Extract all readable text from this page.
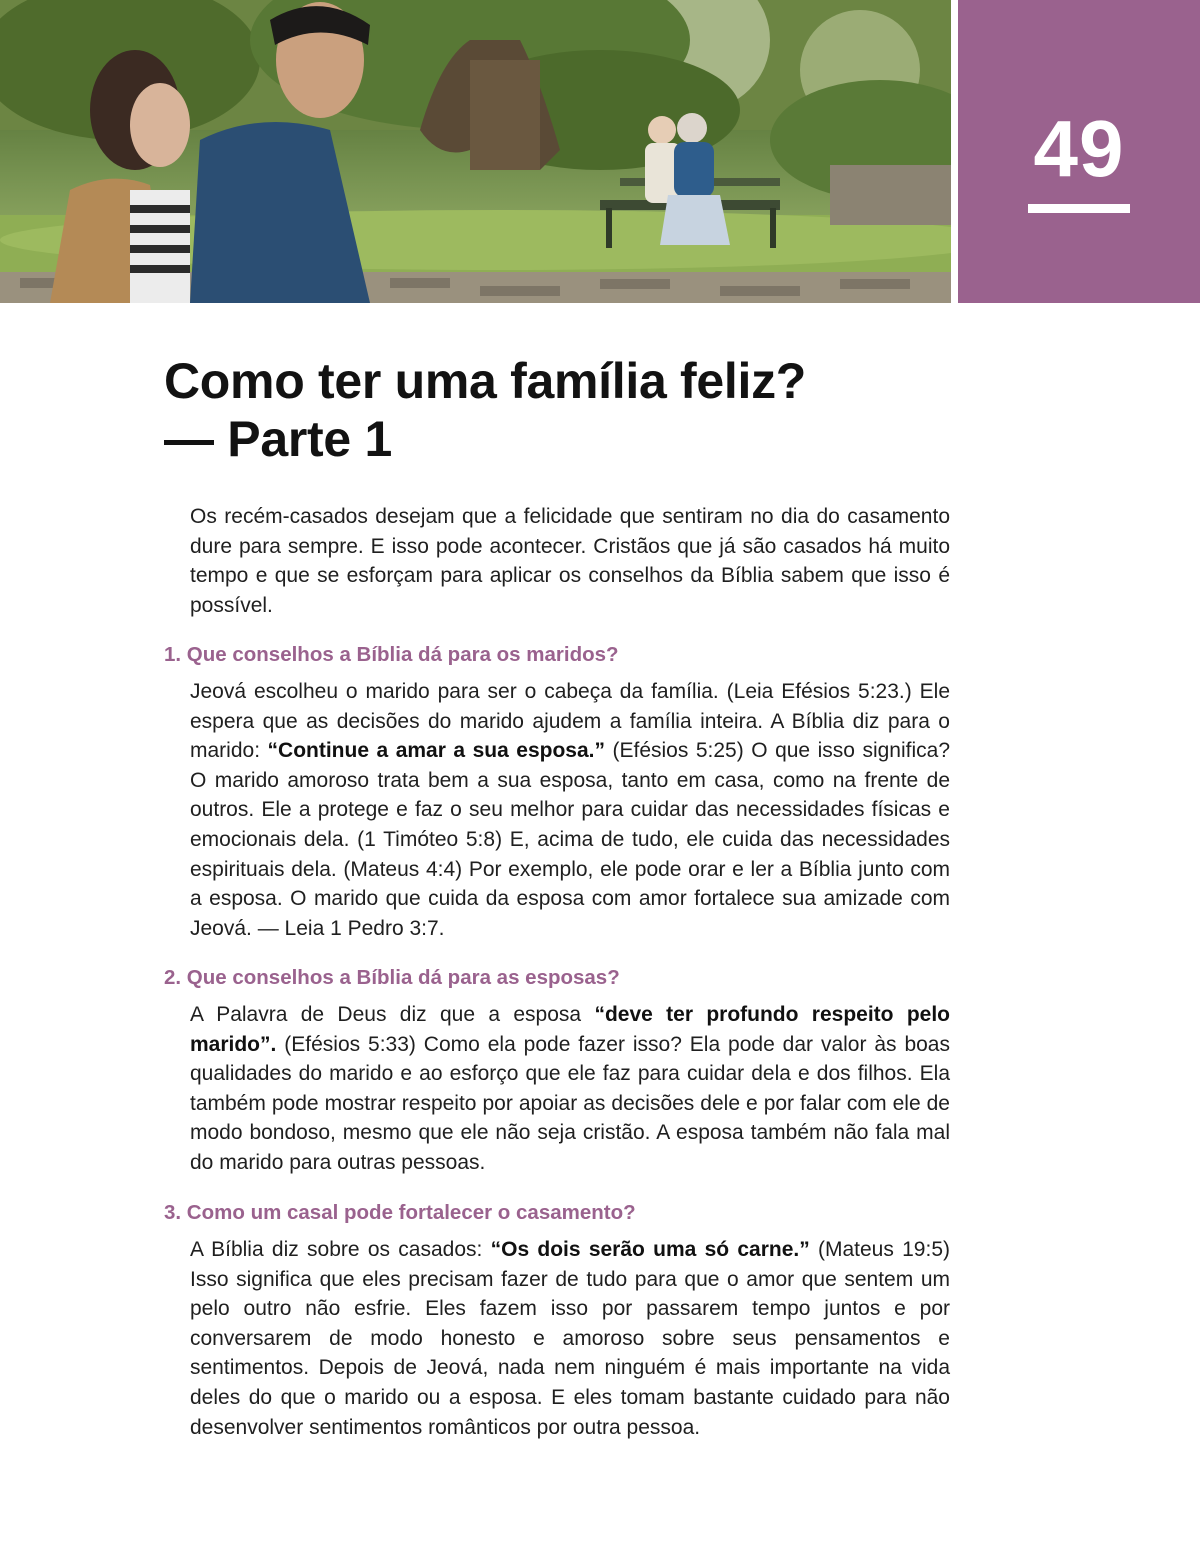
49
Como ter uma família feliz?
— Parte 1

Os recém-casados desejam que a felicidade que sentiram no dia do casamento dure para sempre. E isso pode acontecer. Cristãos que já são casados há muito tempo e que se esforçam para aplicar os conselhos da Bíblia sabem que isso é possível.

1. Que conselhos a Bíblia dá para os maridos?

Jeová escolheu o marido para ser o cabeça da família. (Leia Efésios 5:23.) Ele espera que as decisões do marido ajudem a família inteira. A Bíblia diz para o marido: “Continue a amar a sua esposa.” (Efésios 5:25) O que isso significa? O marido amoroso trata bem a sua esposa, tanto em casa, como na frente de outros. Ele a protege e faz o seu melhor para cuidar das necessidades físicas e emocionais dela. (1 Timóteo 5:8) E, acima de tudo, ele cuida das necessidades espirituais dela. (Mateus 4:4) Por exemplo, ele pode orar e ler a Bíblia junto com a esposa. O marido que cuida da esposa com amor fortalece sua amizade com Jeová. — Leia 1 Pedro 3:7.

2. Que conselhos a Bíblia dá para as esposas?

A Palavra de Deus diz que a esposa “deve ter profundo respeito pelo marido”. (Efésios 5:33) Como ela pode fazer isso? Ela pode dar valor às boas qualidades do marido e ao esforço que ele faz para cuidar dela e dos filhos. Ela também pode mostrar respeito por apoiar as decisões dele e por falar com ele de modo bondoso, mesmo que ele não seja cristão. A esposa também não fala mal do marido para outras pessoas.

3. Como um casal pode fortalecer o casamento?

A Bíblia diz sobre os casados: “Os dois serão uma só carne.” (Mateus 19:5) Isso significa que eles precisam fazer de tudo para que o amor que sentem um pelo outro não esfrie. Eles fazem isso por passarem tempo juntos e por conversarem de modo honesto e amoroso sobre seus pensamentos e sentimentos. Depois de Jeová, nada nem ninguém é mais importante na vida deles do que o marido ou a esposa. E eles tomam bastante cuidado para não desenvolver sentimentos românticos por outra pessoa.
